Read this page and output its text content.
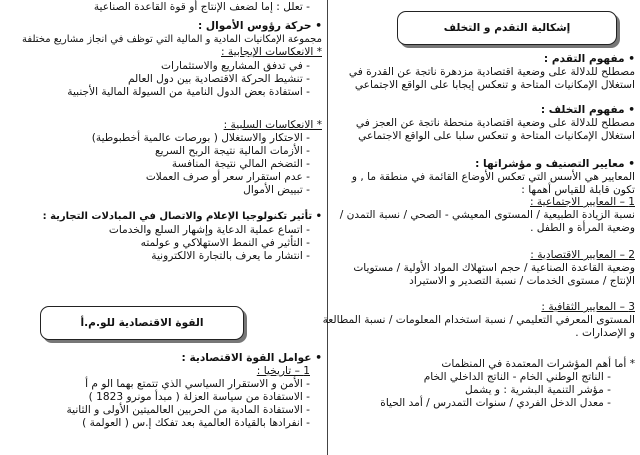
إشكالية التقدم و التخلف
• مفهوم التقدم :
مصطلح للدلالة على وضعية اقتصادية مزدهرة ناتجة عن القدرة في
استغلال الإمكانيات المتاحة و تنعكس إيجابا على الواقع الاجتماعي
• مفهوم التخلف :
مصطلح للدلالة على وضعية اقتصادية منحطة ناتجة عن العجز في
استغلال الإمكانيات المتاحة و تنعكس سلبا على الواقع الاجتماعي
• معايير التصنيف و مؤشراتها :
المعايير هي الأسس التي تعكس الأوضاع القائمة في منطقة ما , و
تكون قابلة للقياس أهمها :
1 – المعايير الاجتماعية :
نسبة الزيادة الطبيعية / المستوى المعيشي - الصحي / نسبة التمدن /
وضعية المرأة و الطفل .
2 – المعايير الاقتصادية :
وضعية القاعدة الصناعية / حجم استهلاك المواد الأولية / مستويات
الإنتاج / مستوى الخدمات / نسبة التصدير و الاستيراد
3 – المعايير الثقافية :
المستوى المعرفي التعليمي / نسبة استخدام المعلومات / نسبة المطالعة
و الإصدارات .
* أما أهم المؤشرات المعتمدة في المنظمات
- الناتج الوطني الخام - الناتج الداخلي الخام
- مؤشر التنمية البشرية : و يشمل
- معدل الدخل الفردي / سنوات التمدرس / أمد الحياة
- تعلل : إما لضعف الإنتاج أو قوة القاعدة الصناعية
• حركة رؤوس الأموال :
مجموعة الإمكانيات المادية و المالية التي توظف في انجاز مشاريع مختلفة
* الانعكاسات الإيجابية :
- في تدفق المشاريع والاستثمارات
- تنشيط الحركة الاقتصادية بين دول العالم
- استفادة بعض الدول النامية من السيولة المالية الأجنبية
* الانعكاسات السلبية :
- الاحتكار والاستغلال ( بورصات عالمية أخطبوطية)
- الأزمات المالية نتيجة الربح السريع
- التضخم المالي نتيجة المنافسة
- عدم استقرار سعر أو صرف العملات
- تبييض الأموال
• تأثير تكنولوجيا الإعلام والاتصال في المبادلات التجارية :
- اتساع عملية الدعاية وإشهار السلع والخدمات
- التأثير في النمط الاستهلاكي و عولمته
- انتشار ما يعرف بالتجارة الالكترونية
القوة الاقتصادية للو.م.أ
• عوامل القوة الاقتصادية :
1 – تاريخيا :
- الأمن و الاستقرار السياسي الذي تتمتع بهما الو م أ
- الاستفادة من سياسة العزلة ( مبدأ مونرو 1823 )
- الاستفادة المادية من الحربين العالميتين الأولى و الثانية
- انفرادها بالقيادة العالمية بعد تفكك إ.س ( العولمة )
